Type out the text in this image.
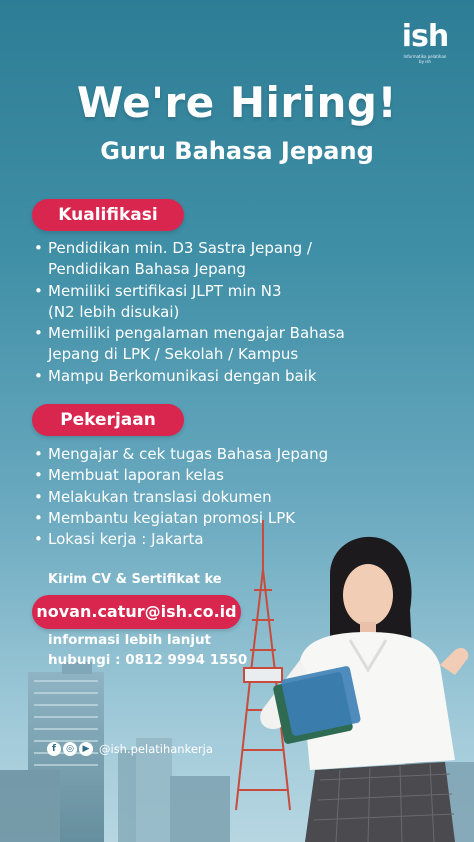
ish
Informatika pelatihan
by ish
We're Hiring!
Guru Bahasa Jepang
Kualifikasi
• Pendidikan min. D3 Sastra Jepang /
Pendidikan Bahasa Jepang
• Memiliki sertifikasi JLPT min N3
(N2 lebih disukai)
• Memiliki pengalaman mengajar Bahasa
Jepang di LPK / Sekolah / Kampus
• Mampu Berkomunikasi dengan baik
Pekerjaan
• Mengajar & cek tugas Bahasa Jepang
• Membuat laporan kelas
• Melakukan translasi dokumen
• Membantu kegiatan promosi LPK
• Lokasi kerja : Jakarta
Kirim CV & Sertifikat ke
novan.catur@ish.co.id
informasi lebih lanjut
hubungi : 0812 9994 1550
f	◎ ▶ @ish.pelatihankerja
